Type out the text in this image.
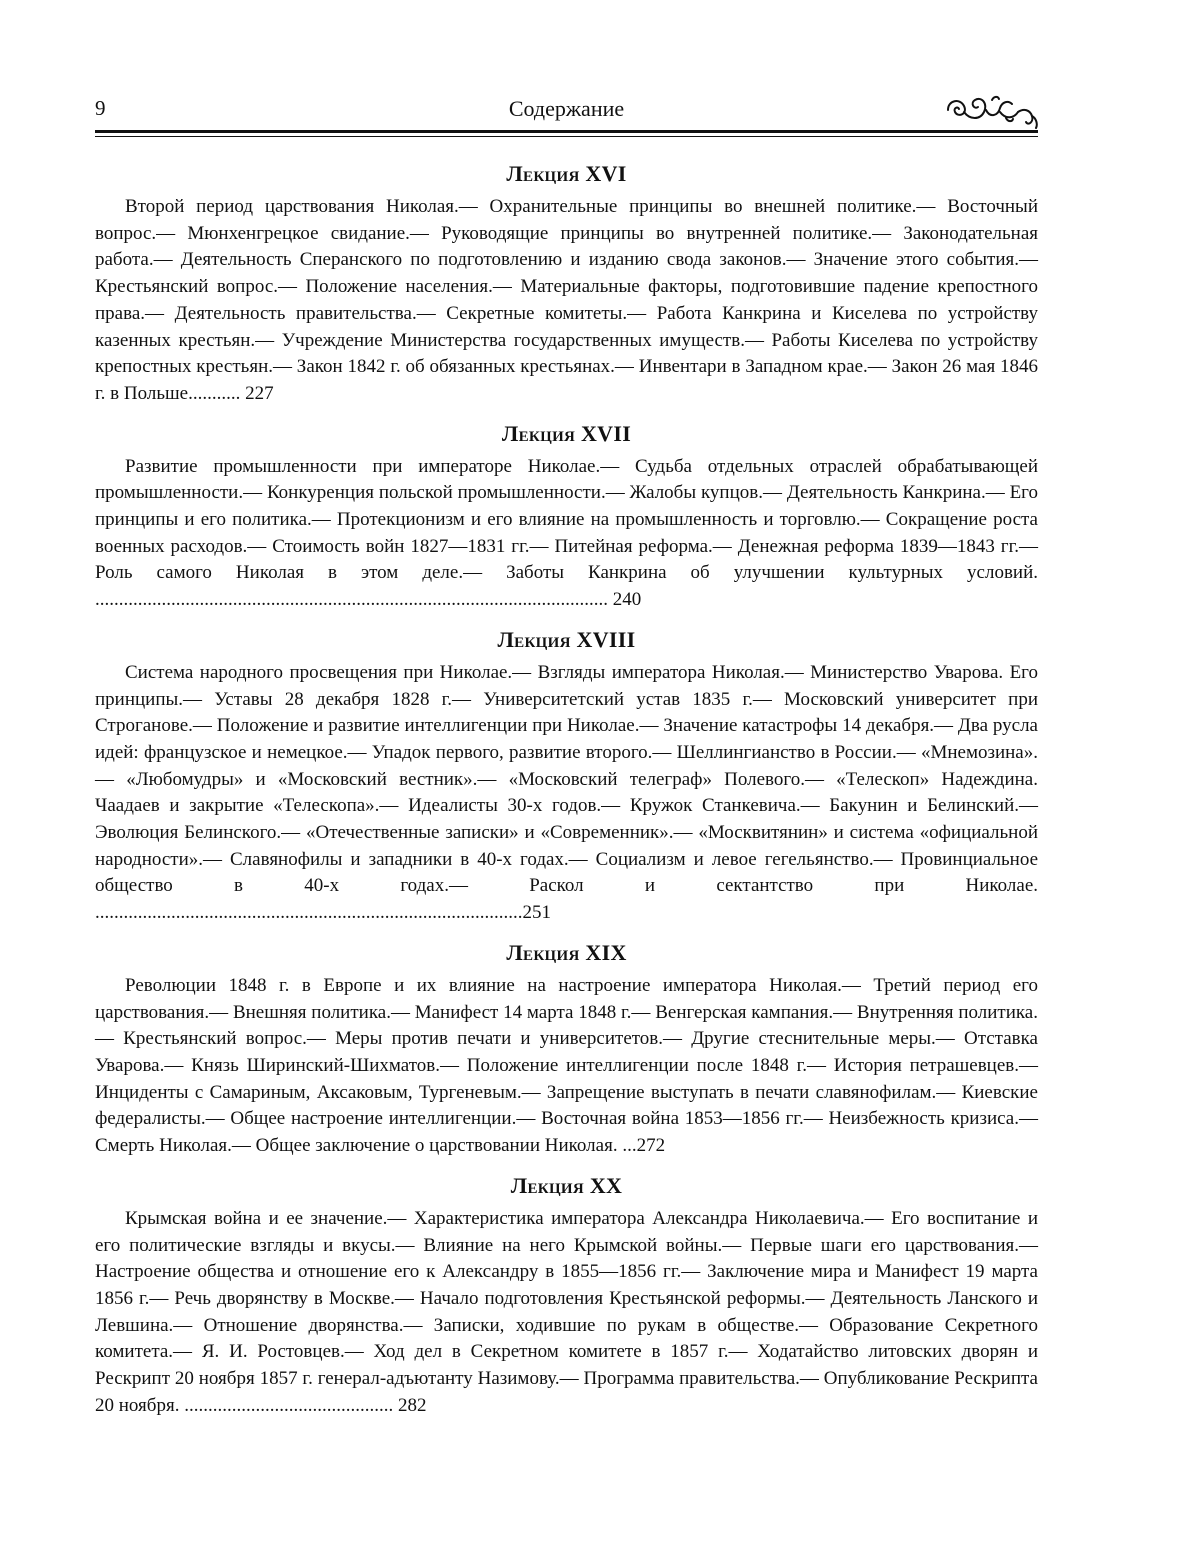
9	Содержание
Лекция XVI

Второй период царствования Николая.— Охранительные принципы во внешней политике.— Восточный вопрос.— Мюнхенгрецкое свидание.— Руководящие принципы во внутренней политике.— Законодательная работа.— Деятельность Сперанского по подготовлению и изданию свода законов.— Значение этого события.— Крестьянский вопрос.— Положение населения.— Материальные факторы, подготовившие падение крепостного права.— Деятельность правительства.— Секретные комитеты.— Работа Канкрина и Киселева по устройству казенных крестьян.— Учреждение Министерства государственных имуществ.— Работы Киселева по устройству крепостных крестьян.— Закон 1842 г. об обязанных крестьянах.— Инвентари в Западном крае.— Закон 26 мая 1846 г. в Польше........... 227

Лекция XVII

Развитие промышленности при императоре Николае.— Судьба отдельных отраслей обрабатывающей промышленности.— Конкуренция польской промышленности.— Жалобы купцов.— Деятельность Канкрина.— Его принципы и его политика.— Протекционизм и его влияние на промышленность и торговлю.— Сокращение роста военных расходов.— Стоимость войн 1827—1831 гг.— Питейная реформа.— Денежная реформа 1839—1843 гг.— Роль самого Николая в этом деле.— Заботы Канкрина об улучшении культурных условий. ............................................................................................................ 240

Лекция XVIII

Система народного просвещения при Николае.— Взгляды императора Николая.— Министерство Уварова. Его принципы.— Уставы 28 декабря 1828 г.— Университетский устав 1835 г.— Московский университет при Строганове.— Положение и развитие интеллигенции при Николае.— Значение катастрофы 14 декабря.— Два русла идей: французское и немецкое.— Упадок первого, развитие второго.— Шеллингианство в России.— «Мнемозина».— «Любомудры» и «Московский вестник».— «Московский телеграф» Полевого.— «Телескоп» Надеждина. Чаадаев и закрытие «Телескопа».— Идеалисты 30-х годов.— Кружок Станкевича.— Бакунин и Белинский.— Эволюция Белинского.— «Отечественные записки» и «Современник».— «Москвитянин» и система «официальной народности».— Славянофилы и западники в 40-х годах.— Социализм и левое гегельянство.— Провинциальное общество в 40-х годах.— Раскол и сектантство при Николае. ..........................................................................................251

Лекция XIX

Революции 1848 г. в Европе и их влияние на настроение императора Николая.— Третий период его царствования.— Внешняя политика.— Манифест 14 марта 1848 г.— Венгерская кампания.— Внутренняя политика.— Крестьянский вопрос.— Меры против печати и университетов.— Другие стеснительные меры.— Отставка Уварова.— Князь Ширинский-Шихматов.— Положение интеллигенции после 1848 г.— История петрашевцев.— Инциденты с Самариным, Аксаковым, Тургеневым.— Запрещение выступать в печати славянофилам.— Киевские федералисты.— Общее настроение интеллигенции.— Восточная война 1853—1856 гг.— Неизбежность кризиса.— Смерть Николая.— Общее заключение о царствовании Николая. ...272

Лекция XX

Крымская война и ее значение.— Характеристика императора Александра Николаевича.— Его воспитание и его политические взгляды и вкусы.— Влияние на него Крымской войны.— Первые шаги его царствования.— Настроение общества и отношение его к Александру в 1855—1856 гг.— Заключение мира и Манифест 19 марта 1856 г.— Речь дворянству в Москве.— Начало подготовления Крестьянской реформы.— Деятельность Ланского и Левшина.— Отношение дворянства.— Записки, ходившие по рукам в обществе.— Образование Секретного комитета.— Я. И. Ростовцев.— Ход дел в Секретном комитете в 1857 г.— Ходатайство литовских дворян и Рескрипт 20 ноября 1857 г. генерал-адъютанту Назимову.— Программа правительства.— Опубликование Рескрипта 20 ноября. ............................................ 282
